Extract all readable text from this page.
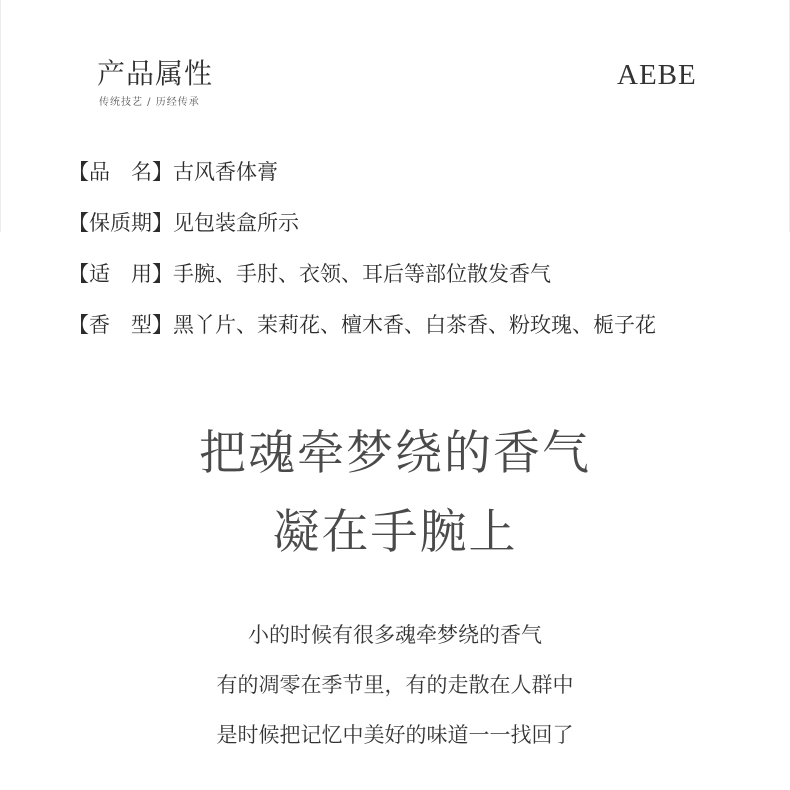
产品属性
传统技艺 / 历经传承
AEBE
【品　名】古风香体膏
【保质期】见包装盒所示
【适　用】手腕、手肘、衣领、耳后等部位散发香气
【香　型】黑丫片、茉莉花、檀木香、白茶香、粉玫瑰、栀子花
把魂牵梦绕的香气
凝在手腕上
小的时候有很多魂牵梦绕的香气
有的凋零在季节里，有的走散在人群中
是时候把记忆中美好的味道一一找回了
